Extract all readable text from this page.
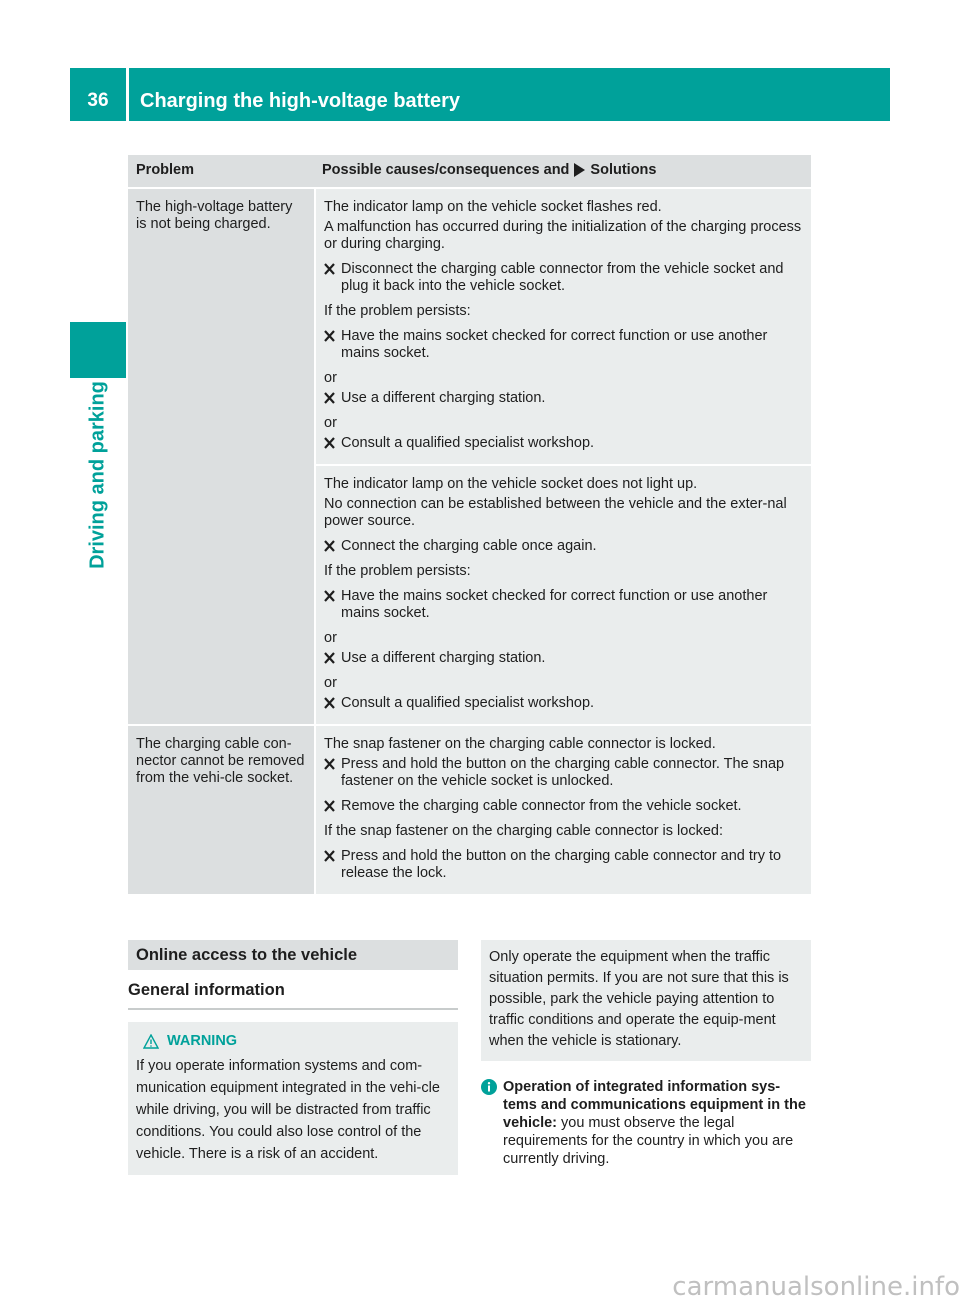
36	Charging the high-voltage battery
Driving and parking
Problem	Possible causes/consequences and Solutions
The high-voltage battery is not being charged.

The indicator lamp on the vehicle socket flashes red.

A malfunction has occurred during the initialization of the charging process or during charging.

Disconnect the charging cable connector from the vehicle socket and plug it back into the vehicle socket.

If the problem persists:

Have the mains socket checked for correct function or use another mains socket.

or

Use a different charging station.

or

Consult a qualified specialist workshop.

The indicator lamp on the vehicle socket does not light up.

No connection can be established between the vehicle and the exter-nal power source.

Connect the charging cable once again.

If the problem persists:

Have the mains socket checked for correct function or use another mains socket.

or

Use a different charging station.

or

Consult a qualified specialist workshop.
The charging cable con-nector cannot be removed from the vehi-cle socket.

The snap fastener on the charging cable connector is locked.

Press and hold the button on the charging cable connector. The snap fastener on the vehicle socket is unlocked.
Remove the charging cable connector from the vehicle socket.

If the snap fastener on the charging cable connector is locked:

Press and hold the button on the charging cable connector and try to release the lock.
Online access to the vehicle
General information
WARNING
If you operate information systems and com-munication equipment integrated in the vehi-cle while driving, you will be distracted from traffic conditions. You could also lose control of the vehicle. There is a risk of an accident.
Only operate the equipment when the traffic situation permits. If you are not sure that this is possible, park the vehicle paying attention to traffic conditions and operate the equip-ment when the vehicle is stationary.
Operation of integrated information sys-tems and communications equipment in the vehicle: you must observe the legal requirements for the country in which you are currently driving.
carmanualsonline.info
